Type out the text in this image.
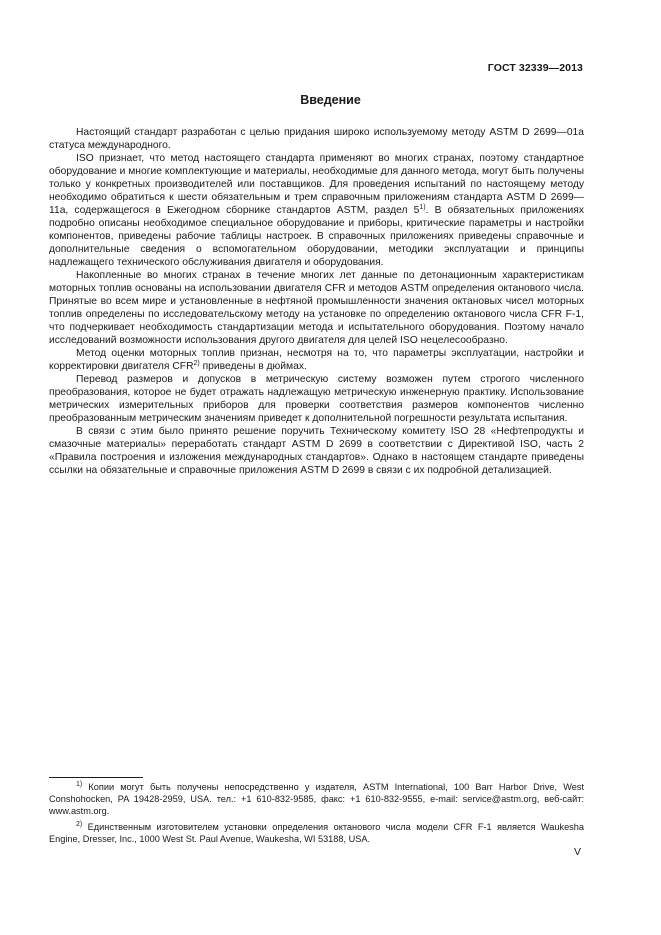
ГОСТ 32339—2013
Введение

Настоящий стандарт разработан с целью придания широко используемому методу ASTM D 2699—01a статуса международного.

ISO признает, что метод настоящего стандарта применяют во многих странах, поэтому стандартное оборудование и многие комплектующие и материалы, необходимые для данного метода, могут быть получены только у конкретных производителей или поставщиков. Для проведения испытаний по настоящему методу необходимо обратиться к шести обязательным и трем справочным приложениям стандарта ASTM D 2699—11a, содержащегося в Ежегодном сборнике стандартов ASTM, раздел 5$^{1)}$. В обязательных приложениях подробно описаны необходимое специальное оборудование и приборы, критические параметры и настройки компонентов, приведены рабочие таблицы настроек. В справочных приложениях приведены справочные и дополнительные сведения о вспомогательном оборудовании, методики эксплуатации и принципы надлежащего технического обслуживания двигателя и оборудования.

Накопленные во многих странах в течение многих лет данные по детонационным характеристикам моторных топлив основаны на использовании двигателя CFR и методов ASTM определения октанового числа. Принятые во всем мире и установленные в нефтяной промышленности значения октановых чисел моторных топлив определены по исследовательскому методу на установке по определению октанового числа CFR F-1, что подчеркивает необходимость стандартизации метода и испытательного оборудования. Поэтому начало исследований возможности использования другого двигателя для целей ISO нецелесообразно.

Метод оценки моторных топлив признан, несмотря на то, что параметры эксплуатации, настройки и корректировки двигателя CFR$^{2)}$ приведены в дюймах.

Перевод размеров и допусков в метрическую систему возможен путем строгого численного преобразования, которое не будет отражать надлежащую метрическую инженерную практику. Использование метрических измерительных приборов для проверки соответствия размеров компонентов численно преобразованным метрическим значениям приведет к дополнительной погрешности результата испытания.

В связи с этим было принято решение поручить Техническому комитету ISO 28 «Нефтепродукты и смазочные материалы» переработать стандарт ASTM D 2699 в соответствии с Директивой ISO, часть 2 «Правила построения и изложения международных стандартов». Однако в настоящем стандарте приведены ссылки на обязательные и справочные приложения ASTM D 2699 в связи с их подробной детализацией.

$^{1)}$ Копии могут быть получены непосредственно у издателя, ASTM International, 100 Barr Harbor Drive, West Conshohocken, PA 19428-2959, USA. тел.: +1 610-832-9585, факс: +1 610-832-9555, e-mail: service@astm.org, веб-сайт: www.astm.org.

$^{2)}$ Единственным изготовителем установки определения октанового числа модели CFR F-1 является Waukesha Engine, Dresser, Inc., 1000 West St. Paul Avenue, Waukesha, WI 53188, USA.

V
